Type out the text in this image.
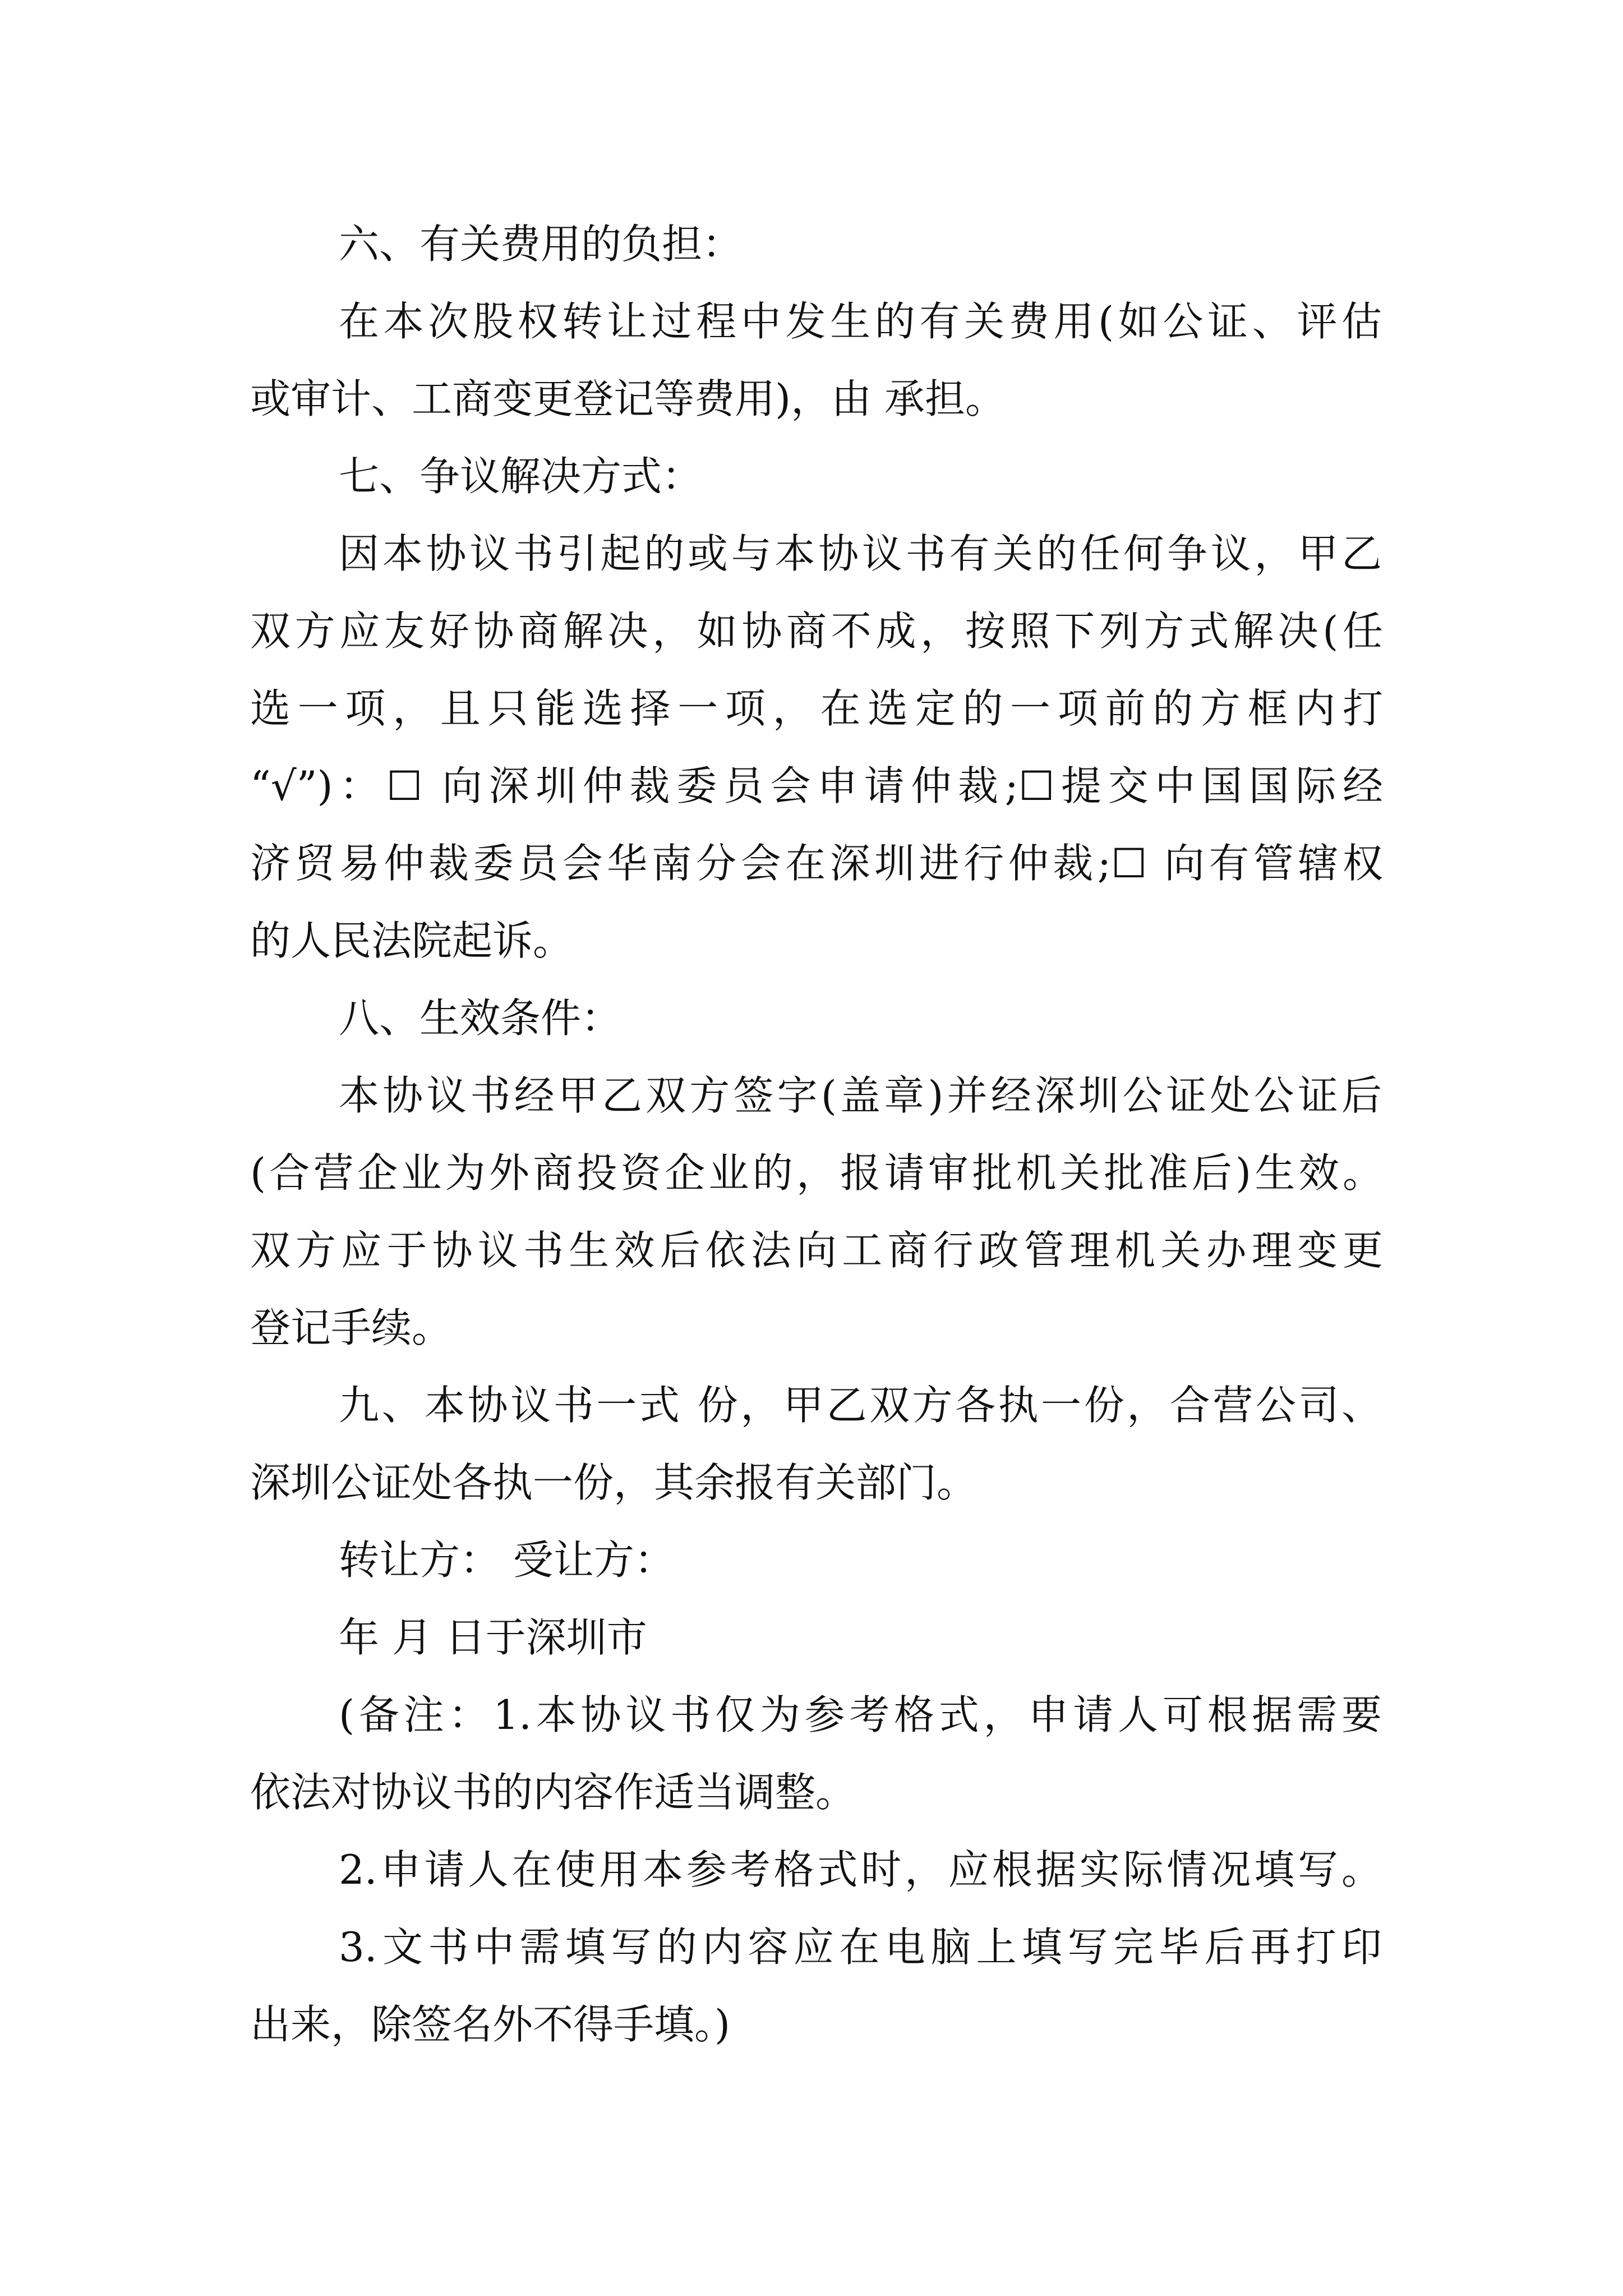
六、有关费用的负担：
在本次股权转让过程中发生的有关费用(如公证、评估
或审计、工商变更登记等费用)，由 承担。
七、争议解决方式：
因本协议书引起的或与本协议书有关的任何争议，甲乙
双方应友好协商解决，如协商不成，按照下列方式解决(任
选一项，且只能选择一项，在选定的一项前的方框内打
“√”)：☐ 向深圳仲裁委员会申请仲裁;☐提交中国国际经
济贸易仲裁委员会华南分会在深圳进行仲裁;☐ 向有管辖权
的人民法院起诉。
八、生效条件：
本协议书经甲乙双方签字(盖章)并经深圳公证处公证后
(合营企业为外商投资企业的，报请审批机关批准后)生效。
双方应于协议书生效后依法向工商行政管理机关办理变更
登记手续。
九、本协议书一式 份，甲乙双方各执一份，合营公司、
深圳公证处各执一份，其余报有关部门。
转让方： 受让方：
年 月 日于深圳市
(备注：1.本协议书仅为参考格式，申请人可根据需要
依法对协议书的内容作适当调整。
2.申请人在使用本参考格式时，应根据实际情况填写。
3.文书中需填写的内容应在电脑上填写完毕后再打印
出来，除签名外不得手填。)
